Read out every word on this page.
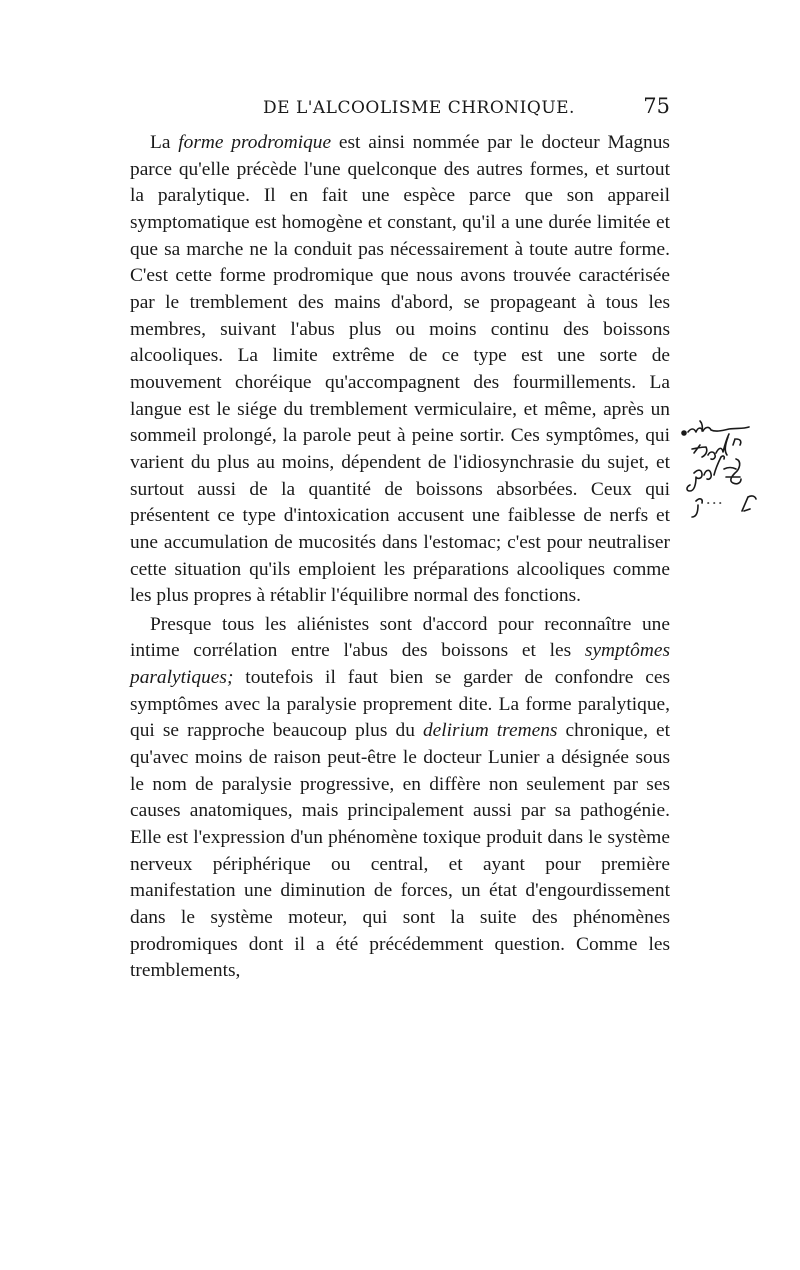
DE L'ALCOOLISME CHRONIQUE.	75

La forme prodromique est ainsi nommée par le docteur Magnus parce qu'elle précède l'une quelconque des autres formes, et surtout la paralytique. Il en fait une espèce parce que son appareil symptomatique est homogène et constant, qu'il a une durée limitée et que sa marche ne la conduit pas nécessairement à toute autre forme. C'est cette forme prodromique que nous avons trouvée caractérisée par le tremblement des mains d'abord, se propageant à tous les membres, suivant l'abus plus ou moins continu des boissons alcooliques. La limite extrême de ce type est une sorte de mouvement choréique qu'accompagnent des fourmillements. La langue est le siége du tremblement vermiculaire, et même, après un sommeil prolongé, la parole peut à peine sortir. Ces symptômes, qui varient du plus au moins, dépendent de l'idiosynchrasie du sujet, et surtout aussi de la quantité de boissons absorbées. Ceux qui présentent ce type d'intoxication accusent une faiblesse de nerfs et une accumulation de mucosités dans l'estomac; c'est pour neutraliser cette situation qu'ils emploient les préparations alcooliques comme les plus propres à rétablir l'équilibre normal des fonctions.

Presque tous les aliénistes sont d'accord pour reconnaître une intime corrélation entre l'abus des boissons et les symptômes paralytiques; toutefois il faut bien se garder de confondre ces symptômes avec la paralysie proprement dite. La forme paralytique, qui se rapproche beaucoup plus du delirium tremens chronique, et qu'avec moins de raison peut-être le docteur Lunier a désignée sous le nom de paralysie progressive, en diffère non seulement par ses causes anatomiques, mais principalement aussi par sa pathogénie. Elle est l'expression d'un phénomène toxique produit dans le système nerveux périphérique ou central, et ayant pour première manifestation une diminution de forces, un état d'engourdissement dans le système moteur, qui sont la suite des phénomènes prodromiques dont il a été précédemment question. Comme les tremblements,
